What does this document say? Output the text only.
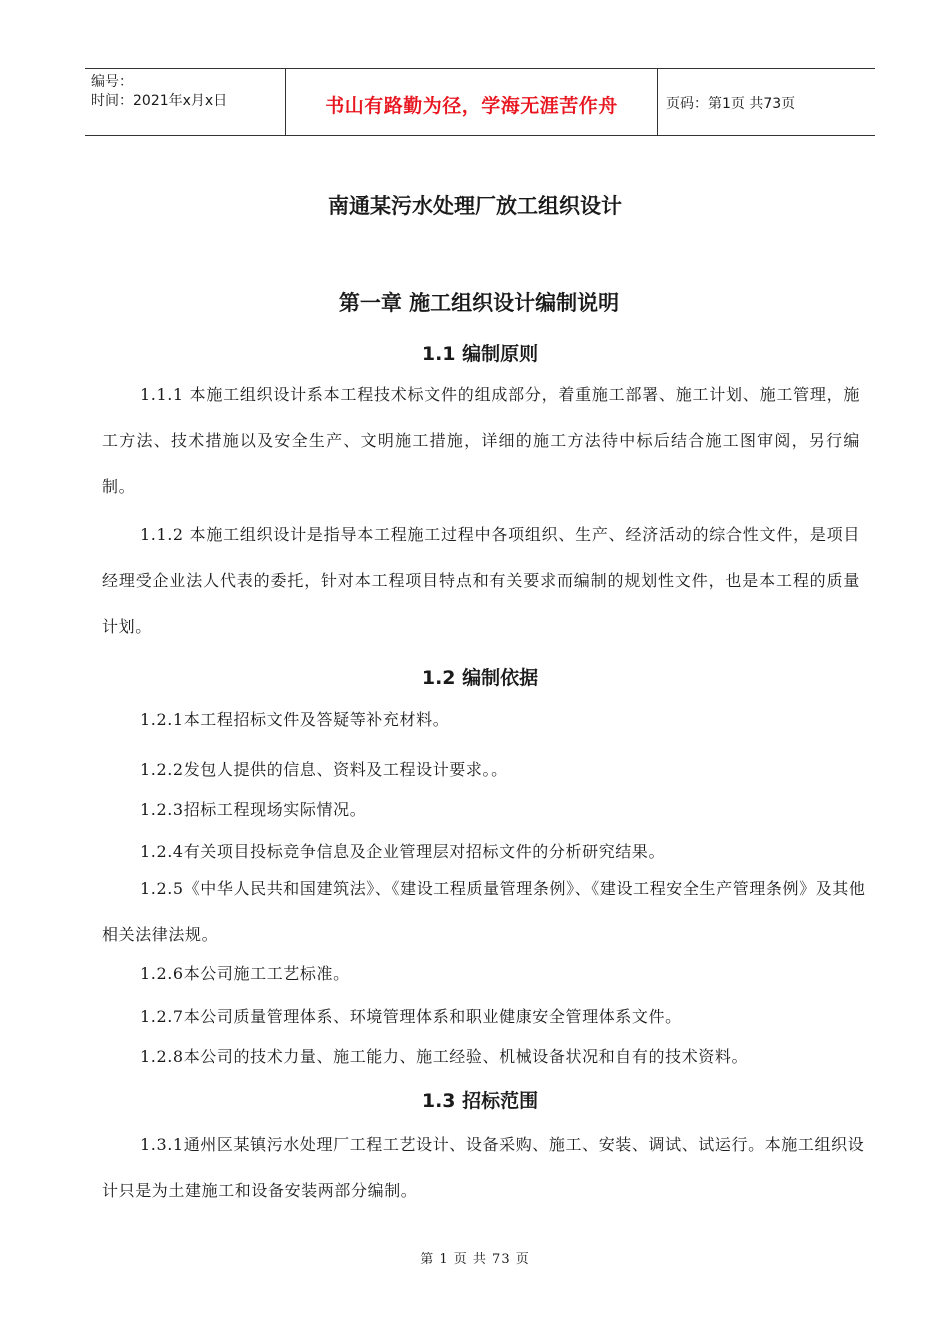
编号：
时间：2021年x月x日	书山有路勤为径，学海无涯苦作舟	页码：第1页 共73页
南通某污水处理厂放工组织设计
第一章 施工组织设计编制说明
1.1 编制原则

1.1.1 本施工组织设计系本工程技术标文件的组成部分，着重施工部署、施工计划、施工管理，施工方法、技术措施以及安全生产、文明施工措施，详细的施工方法待中标后结合施工图审阅，另行编制。

1.1.2 本施工组织设计是指导本工程施工过程中各项组织、生产、经济活动的综合性文件，是项目经理受企业法人代表的委托，针对本工程项目特点和有关要求而编制的规划性文件，也是本工程的质量计划。

1.2 编制依据

1.2.1本工程招标文件及答疑等补充材料。

1.2.2发包人提供的信息、资料及工程设计要求。。

1.2.3招标工程现场实际情况。

1.2.4有关项目投标竞争信息及企业管理层对招标文件的分析研究结果。

1.2.5《中华人民共和国建筑法》、《建设工程质量管理条例》、《建设工程安全生产管理条例》及其他相关法律法规。

1.2.6本公司施工工艺标准。

1.2.7本公司质量管理体系、环境管理体系和职业健康安全管理体系文件。

1.2.8本公司的技术力量、施工能力、施工经验、机械设备状况和自有的技术资料。

1.3 招标范围

1.3.1通州区某镇污水处理厂工程工艺设计、设备采购、施工、安装、调试、试运行。本施工组织设计只是为土建施工和设备安装两部分编制。

第 1 页 共 73 页
